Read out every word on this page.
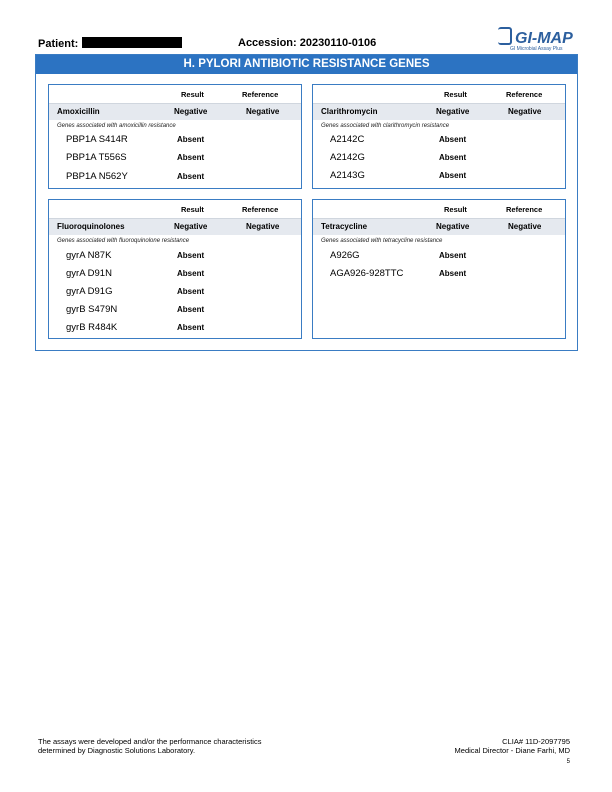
Patient:	Accession: 20230110-0106	GI-MAP
GI Microbial Assay Plus
H. PYLORI ANTIBIOTIC RESISTANCE GENES
Result	Reference
Amoxicillin	Negative	Negative
Genes associated with amoxicillin resistance
PBP1A S414R	Absent
PBP1A T556S	Absent
PBP1A N562Y	Absent
Result	Reference
Clarithromycin	Negative	Negative
Genes associated with clarithromycin resistance
A2142C	Absent
A2142G	Absent
A2143G	Absent
Result	Reference
Fluoroquinolones	Negative	Negative
Genes associated with fluoroquinolone resistance
gyrA N87K	Absent
gyrA D91N	Absent
gyrA D91G	Absent
gyrB S479N	Absent
gyrB R484K	Absent
Result	Reference
Tetracycline	Negative	Negative
Genes associated with tetracycline resistance
A926G	Absent
AGA926-928TTC	Absent
The assays were developed and/or the performance characteristics
determined by Diagnostic Solutions Laboratory.
CLIA# 11D-2097795
Medical Director - Diane Farhi, MD
5
